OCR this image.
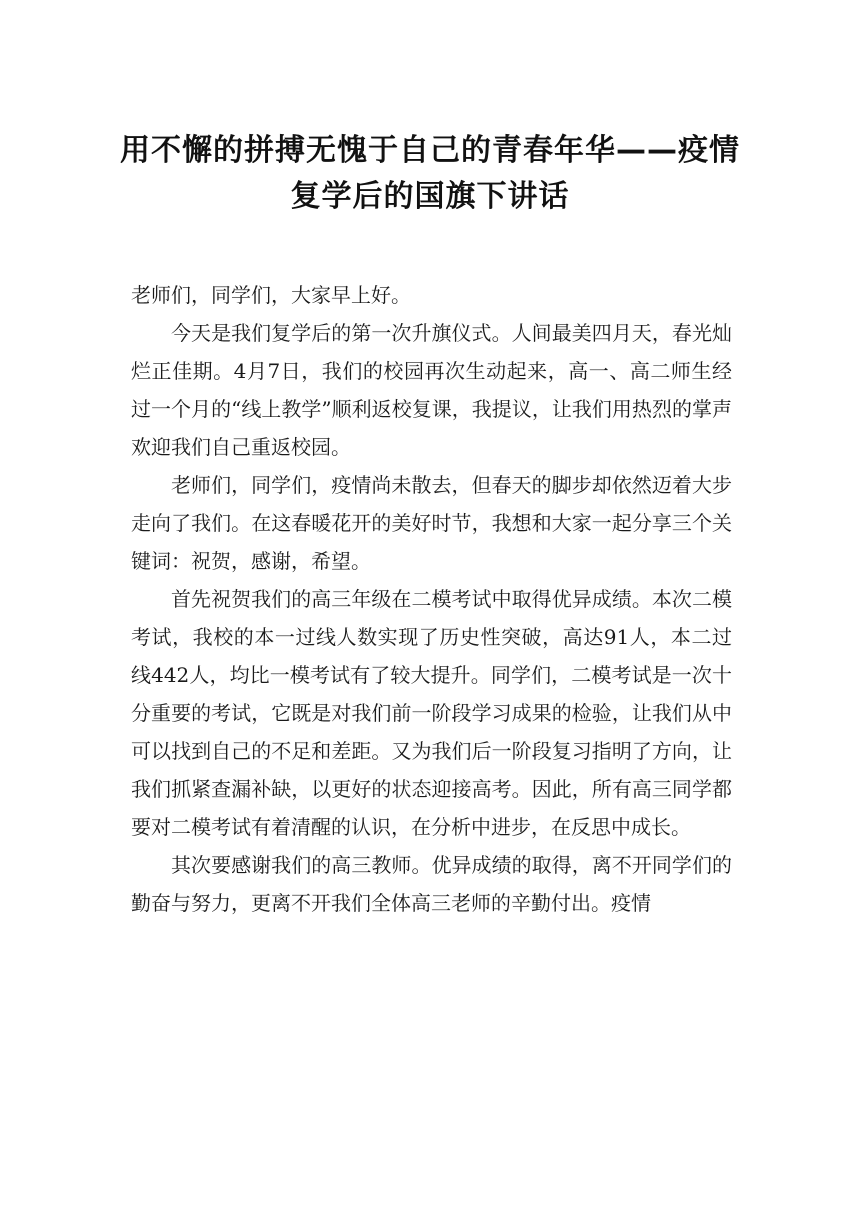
用不懈的拼搏无愧于自己的青春年华——疫情复学后的国旗下讲话

老师们，同学们，大家早上好。

今天是我们复学后的第一次升旗仪式。人间最美四月天，春光灿烂正佳期。4月7日，我们的校园再次生动起来，高一、高二师生经过一个月的“线上教学”顺利返校复课，我提议，让我们用热烈的掌声欢迎我们自己重返校园。

老师们，同学们，疫情尚未散去，但春天的脚步却依然迈着大步走向了我们。在这春暖花开的美好时节，我想和大家一起分享三个关键词：祝贺，感谢，希望。

首先祝贺我们的高三年级在二模考试中取得优异成绩。本次二模考试，我校的本一过线人数实现了历史性突破，高达91人，本二过线442人，均比一模考试有了较大提升。同学们，二模考试是一次十分重要的考试，它既是对我们前一阶段学习成果的检验，让我们从中可以找到自己的不足和差距。又为我们后一阶段复习指明了方向，让我们抓紧查漏补缺，以更好的状态迎接高考。因此，所有高三同学都要对二模考试有着清醒的认识，在分析中进步，在反思中成长。

其次要感谢我们的高三教师。优异成绩的取得，离不开同学们的勤奋与努力，更离不开我们全体高三老师的辛勤付出。疫情
